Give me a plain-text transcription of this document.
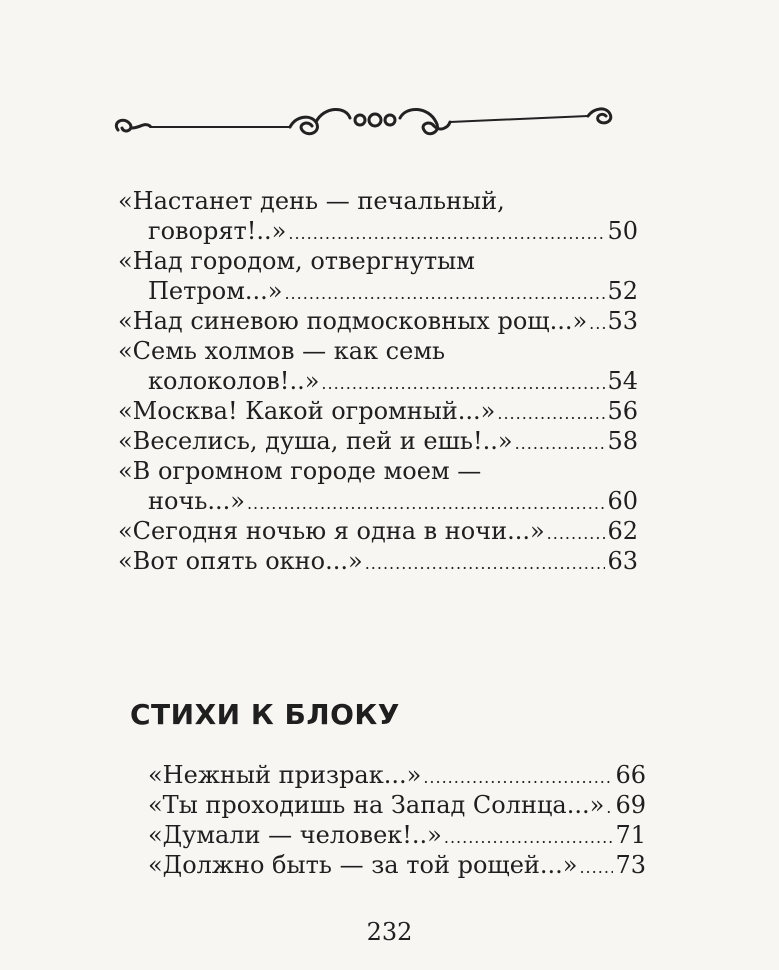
«Настанет день — печальный,
говорят!..» .....	50
«Над городом, отвергнутым
Петром...» .....	52
«Над синевою подмосковных рощ...» ..... 53
«Семь холмов — как семь
колоколов!..» .....	54
«Москва! Какой огромный...» .....	56
«Веселись, душа, пей и ешь!..» .....	58
«В огромном городе моем —
ночь...» .....	60
«Сегодня ночью я одна в ночи...» .....	62
«Вот опять окно...» .....	63
СТИХИ К БЛОКУ
«Нежный призрак...» .....	66
«Ты проходишь на Запад Солнца...» ..... 69
«Думали — человек!..» .....	71
«Должно быть — за той рощей...» ..... 73
232
